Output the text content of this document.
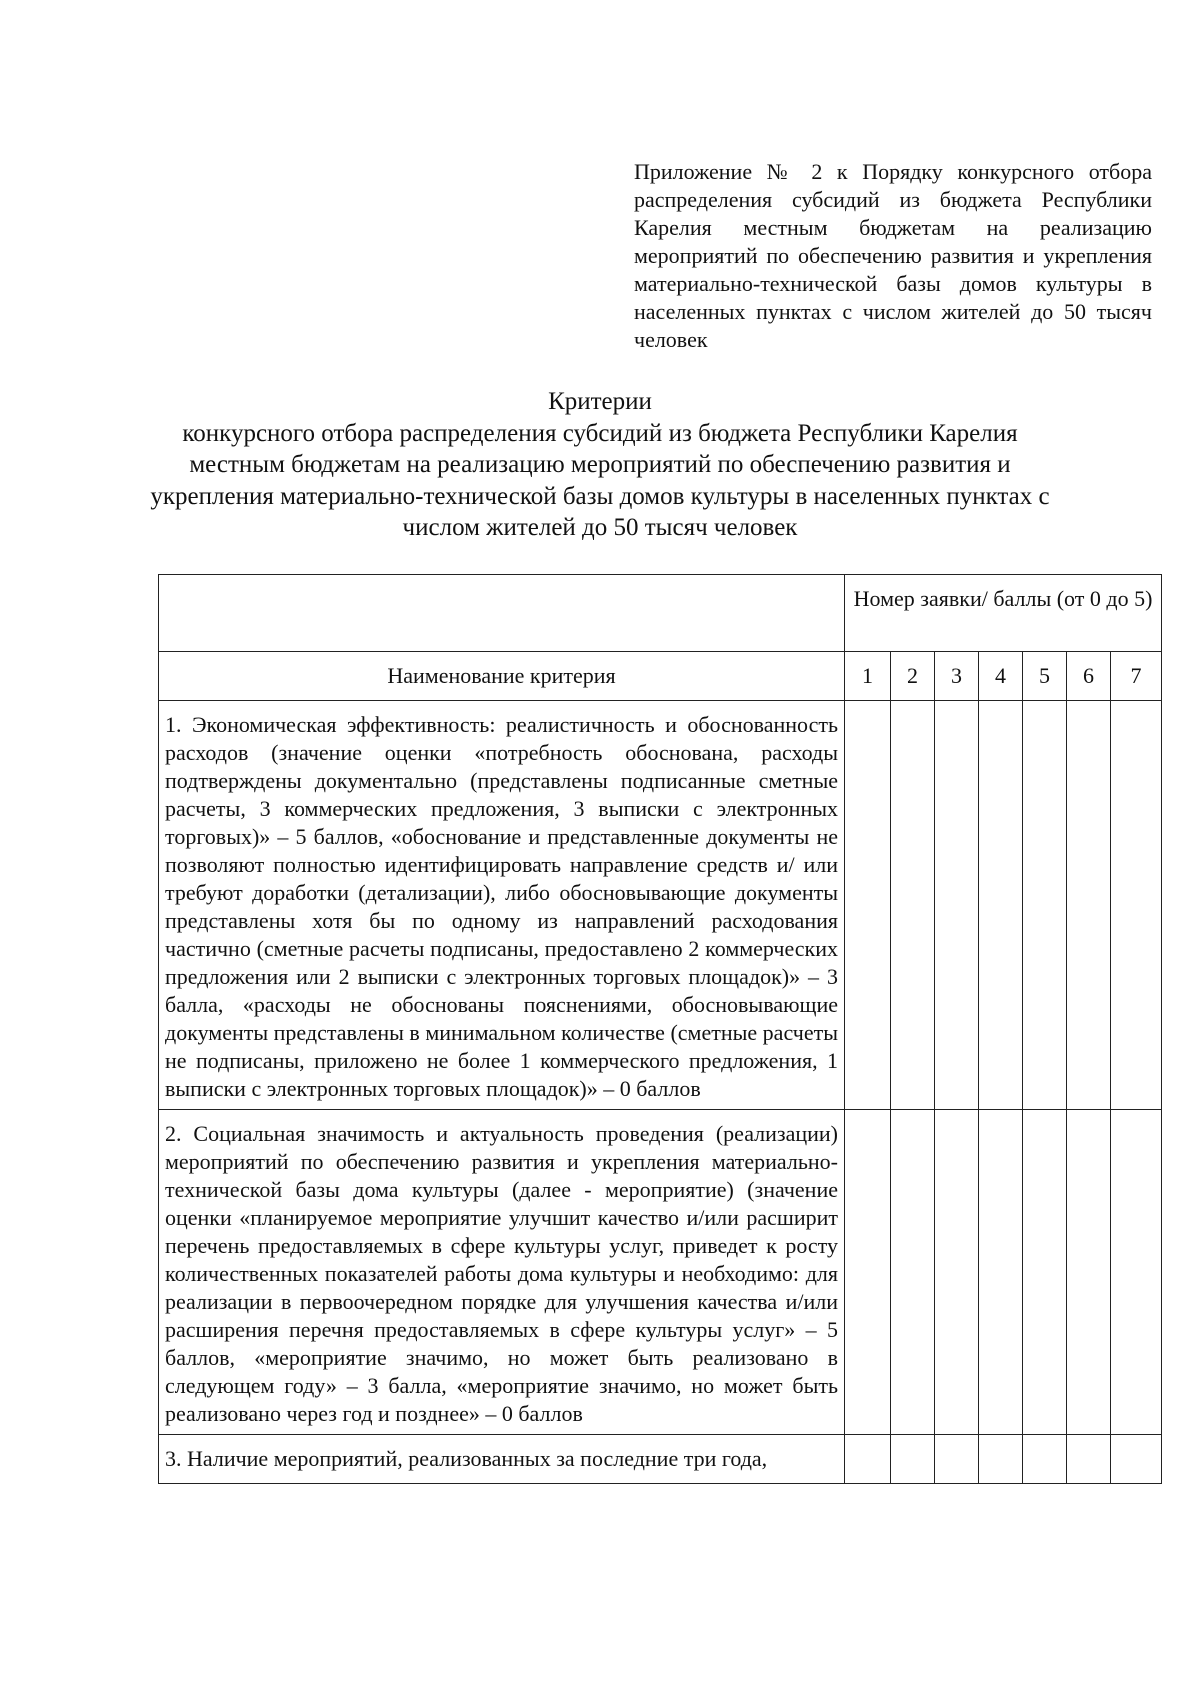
Приложение № 2 к Порядку конкурсного отбора распределения субсидий из бюджета Республики Карелия местным бюджетам на реализацию мероприятий по обеспечению развития и укрепления материально-технической базы домов культуры в населенных пунктах с числом жителей до 50 тысяч человек
Критерии
конкурсного отбора распределения субсидий из бюджета Республики Карелия
местным бюджетам на реализацию мероприятий по обеспечению развития и
укрепления материально-технической базы домов культуры в населенных пунктах с
числом жителей до 50 тысяч человек
	Номер заявки/ баллы (от 0 до 5)						
Наименование критерия	1	2	3	4	5	6	7
1. Экономическая эффективность: реалистичность и обоснованность расходов (значение оценки «потребность обоснована, расходы подтверждены документально (представлены подписанные сметные расчеты, 3 коммерческих предложения, 3 выписки с электронных торговых)» – 5 баллов, «обоснование и представленные документы не позволяют полностью идентифицировать направление средств и/ или требуют доработки (детализации), либо обосновывающие документы представлены хотя бы по одному из направлений расходования частично (сметные расчеты подписаны, предоставлено 2 коммерческих предложения или 2 выписки с электронных торговых площадок)» – 3 балла, «расходы не обоснованы пояснениями, обосновывающие документы представлены в минимальном количестве (сметные расчеты не подписаны, приложено не более 1 коммерческого предложения, 1 выписки с электронных торговых площадок)» – 0 баллов							
2. Социальная значимость и актуальность проведения (реализации) мероприятий по обеспечению развития и укрепления материально-технической базы дома культуры (далее - мероприятие) (значение оценки «планируемое мероприятие улучшит качество и/или расширит перечень предоставляемых в сфере культуры услуг, приведет к росту количественных показателей работы дома культуры и необходимо: для реализации в первоочередном порядке для улучшения качества и/или расширения перечня предоставляемых в сфере культуры услуг» – 5 баллов, «мероприятие значимо, но может быть реализовано в следующем году» – 3 балла, «мероприятие значимо, но может быть реализовано через год и позднее» – 0 баллов							
3. Наличие мероприятий, реализованных за последние три года,							
